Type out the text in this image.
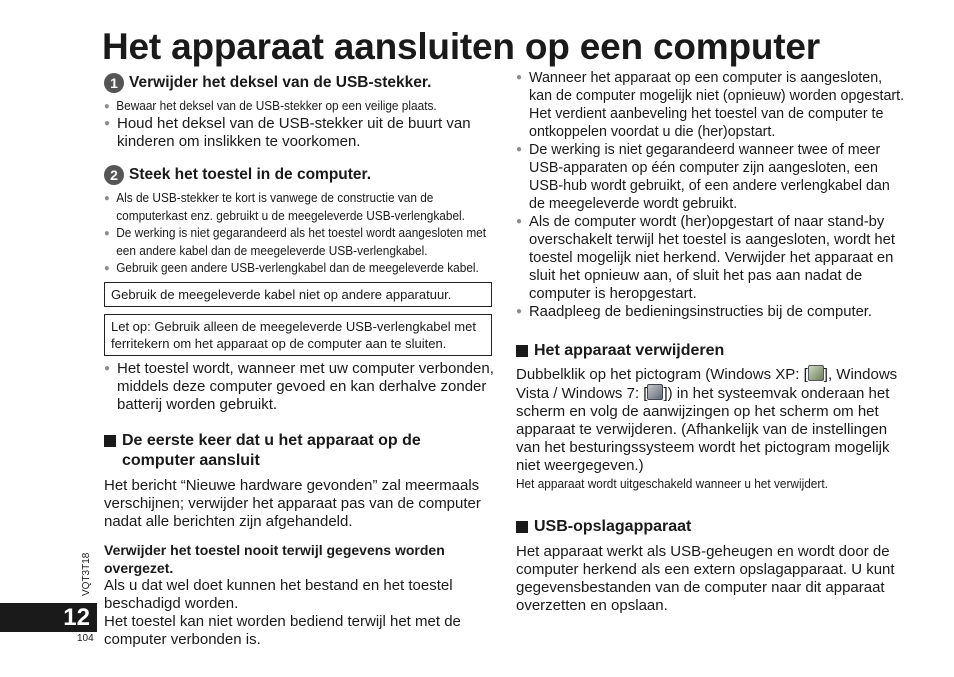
Het apparaat aansluiten op een computer
1 Verwijder het deksel van de USB-stekker.
● Bewaar het deksel van de USB-stekker op een veilige plaats.
● Houd het deksel van de USB-stekker uit de buurt van kinderen om inslikken te voorkomen.
2 Steek het toestel in de computer.
● Als de USB-stekker te kort is vanwege de constructie van de computerkast enz. gebruikt u de meegeleverde USB-verlengkabel.
● De werking is niet gegarandeerd als het toestel wordt aangesloten met een andere kabel dan de meegeleverde USB-verlengkabel.
● Gebruik geen andere USB-verlengkabel dan de meegeleverde kabel.
Gebruik de meegeleverde kabel niet op andere apparatuur.
Let op: Gebruik alleen de meegeleverde USB-verlengkabel met ferritekern om het apparaat op de computer aan te sluiten.
● Het toestel wordt, wanneer met uw computer verbonden, middels deze computer gevoed en kan derhalve zonder batterij worden gebruikt.
De eerste keer dat u het apparaat op de computer aansluit
Het bericht “Nieuwe hardware gevonden” zal meermaals verschijnen; verwijder het apparaat pas van de computer nadat alle berichten zijn afgehandeld.
Verwijder het toestel nooit terwijl gegevens worden overgezet.
Als u dat wel doet kunnen het bestand en het toestel beschadigd worden.
Het toestel kan niet worden bediend terwijl het met de computer verbonden is.
● Wanneer het apparaat op een computer is aangesloten, kan de computer mogelijk niet (opnieuw) worden opgestart. Het verdient aanbeveling het toestel van de computer te ontkoppelen voordat u die (her)opstart.
● De werking is niet gegarandeerd wanneer twee of meer USB-apparaten op één computer zijn aangesloten, een USB-hub wordt gebruikt, of een andere verlengkabel dan de meegeleverde wordt gebruikt.
● Als de computer wordt (her)opgestart of naar stand-by overschakelt terwijl het toestel is aangesloten, wordt het toestel mogelijk niet herkend. Verwijder het apparaat en sluit het opnieuw aan, of sluit het pas aan nadat de computer is heropgestart.
● Raadpleeg de bedieningsinstructies bij de computer.
Het apparaat verwijderen
Dubbelklik op het pictogram (Windows XP: [ ], Windows Vista / Windows 7: [ ]) in het systeemvak onderaan het scherm en volg de aanwijzingen op het scherm om het apparaat te verwijderen. (Afhankelijk van de instellingen van het besturingssysteem wordt het pictogram mogelijk niet weergegeven.)
Het apparaat wordt uitgeschakeld wanneer u het verwijdert.
USB-opslagapparaat
Het apparaat werkt als USB-geheugen en wordt door de computer herkend als een extern opslagapparaat. U kunt gegevensbestanden van de computer naar dit apparaat overzetten en opslaan.
VQT3T18
12
104
